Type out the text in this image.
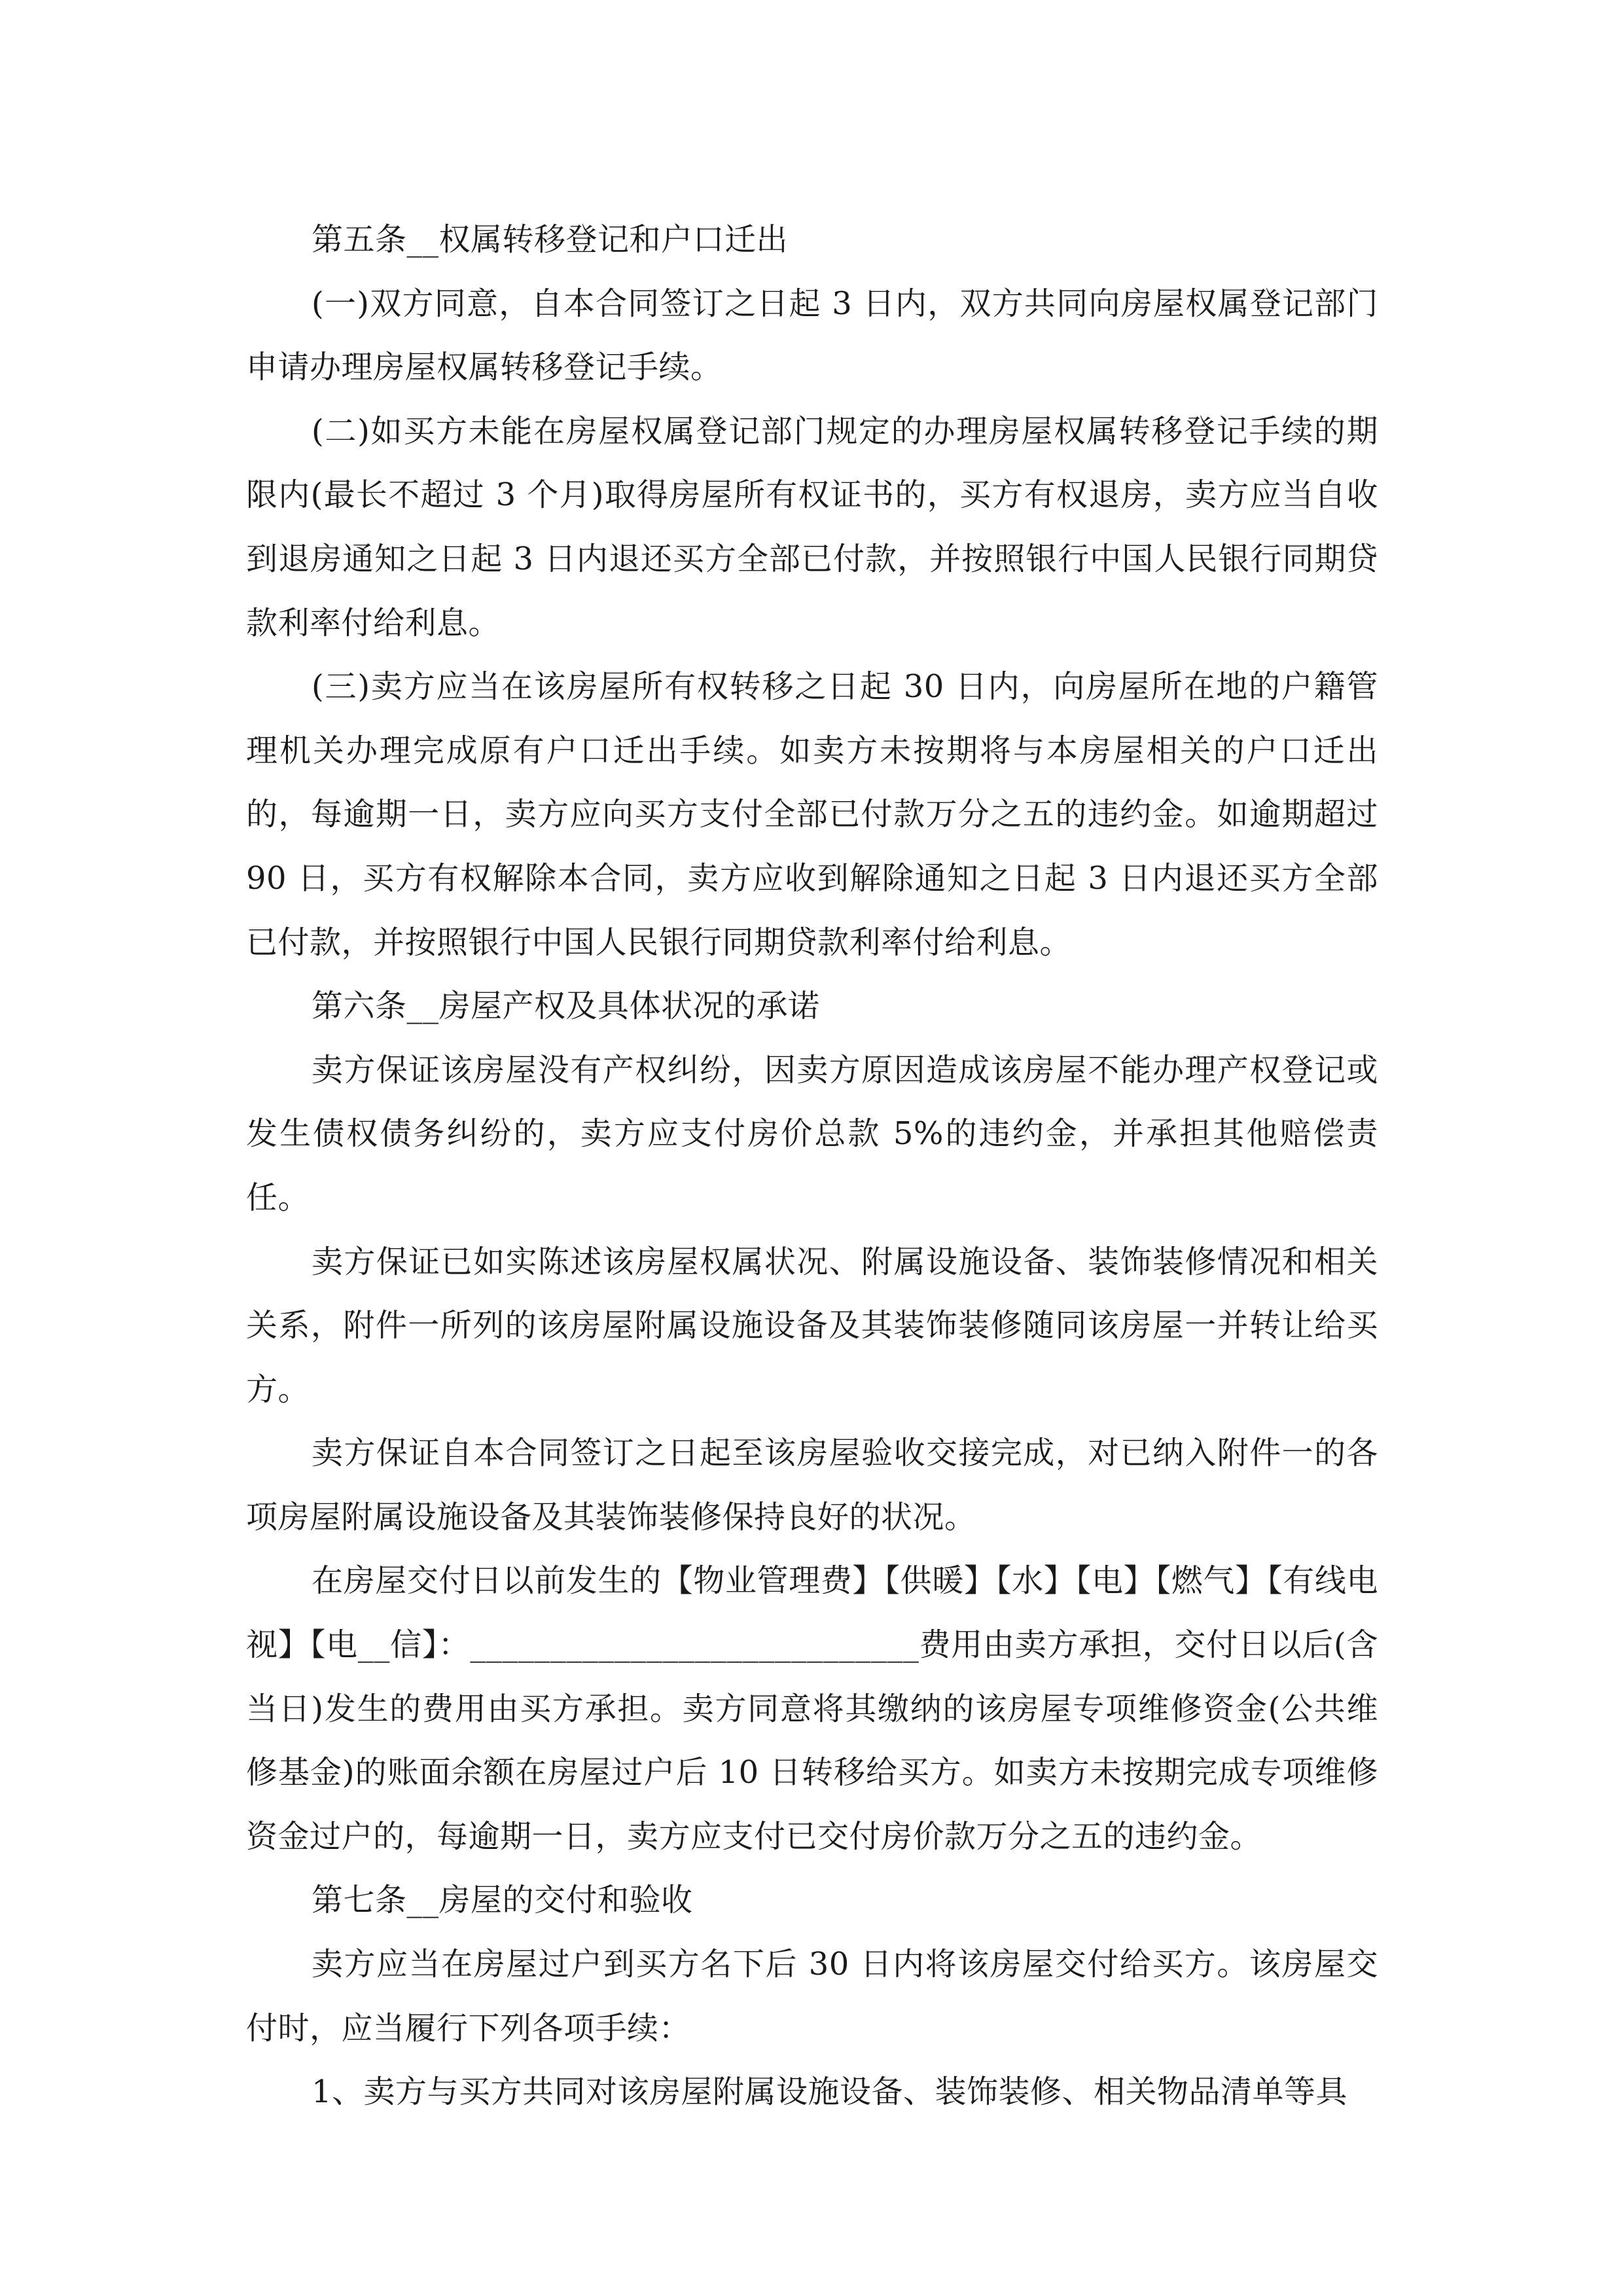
第五条__权属转移登记和户口迁出

(一)双方同意，自本合同签订之日起 3 日内，双方共同向房屋权属登记部门申请办理房屋权属转移登记手续。

(二)如买方未能在房屋权属登记部门规定的办理房屋权属转移登记手续的期限内(最长不超过 3 个月)取得房屋所有权证书的，买方有权退房，卖方应当自收到退房通知之日起 3 日内退还买方全部已付款，并按照银行中国人民银行同期贷款利率付给利息。

(三)卖方应当在该房屋所有权转移之日起 30 日内，向房屋所在地的户籍管理机关办理完成原有户口迁出手续。如卖方未按期将与本房屋相关的户口迁出的，每逾期一日，卖方应向买方支付全部已付款万分之五的违约金。如逾期超过 90 日，买方有权解除本合同，卖方应收到解除通知之日起 3 日内退还买方全部已付款，并按照银行中国人民银行同期贷款利率付给利息。

第六条__房屋产权及具体状况的承诺

卖方保证该房屋没有产权纠纷，因卖方原因造成该房屋不能办理产权登记或发生债权债务纠纷的，卖方应支付房价总款 5%的违约金，并承担其他赔偿责任。

卖方保证已如实陈述该房屋权属状况、附属设施设备、装饰装修情况和相关关系，附件一所列的该房屋附属设施设备及其装饰装修随同该房屋一并转让给买方。

卖方保证自本合同签订之日起至该房屋验收交接完成，对已纳入附件一的各项房屋附属设施设备及其装饰装修保持良好的状况。

在房屋交付日以前发生的【物业管理费】【供暖】【水】【电】【燃气】【有线电视】【电__信】：____________________________费用由卖方承担，交付日以后(含当日)发生的费用由买方承担。卖方同意将其缴纳的该房屋专项维修资金(公共维修基金)的账面余额在房屋过户后 10 日转移给买方。如卖方未按期完成专项维修资金过户的，每逾期一日，卖方应支付已交付房价款万分之五的违约金。

第七条__房屋的交付和验收

卖方应当在房屋过户到买方名下后 30 日内将该房屋交付给买方。该房屋交付时，应当履行下列各项手续：

1、卖方与买方共同对该房屋附属设施设备、装饰装修、相关物品清单等具
